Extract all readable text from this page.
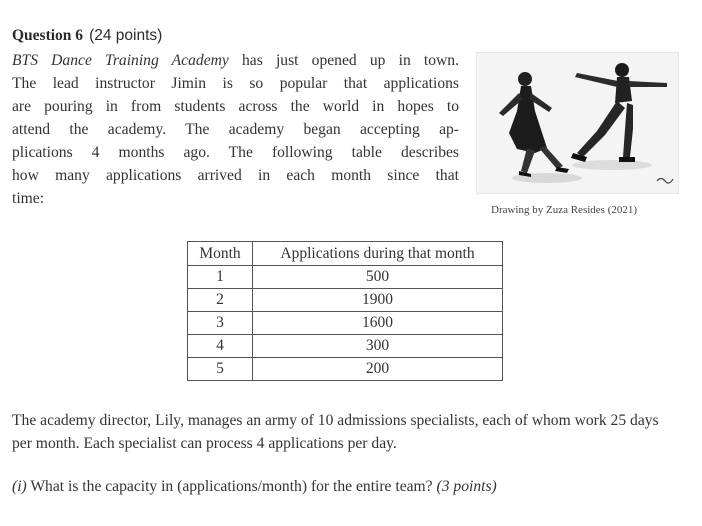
Question 6 (24 points)
BTS Dance Training Academy has just opened up in town.
The lead instructor Jimin is so popular that applications
are pouring in from students across the world in hopes to
attend the academy. The academy began accepting ap-
plications 4 months ago. The following table describes
how many applications arrived in each month since that
time:
Drawing by Zuza Resides (2021)
Month	Applications during that month
1	500
2	1900
3	1600
4	300
5	200
The academy director, Lily, manages an army of 10 admissions specialists, each of whom work 25 days per month. Each specialist can process 4 applications per day.
(i) What is the capacity in (applications/month) for the entire team? (3 points)
